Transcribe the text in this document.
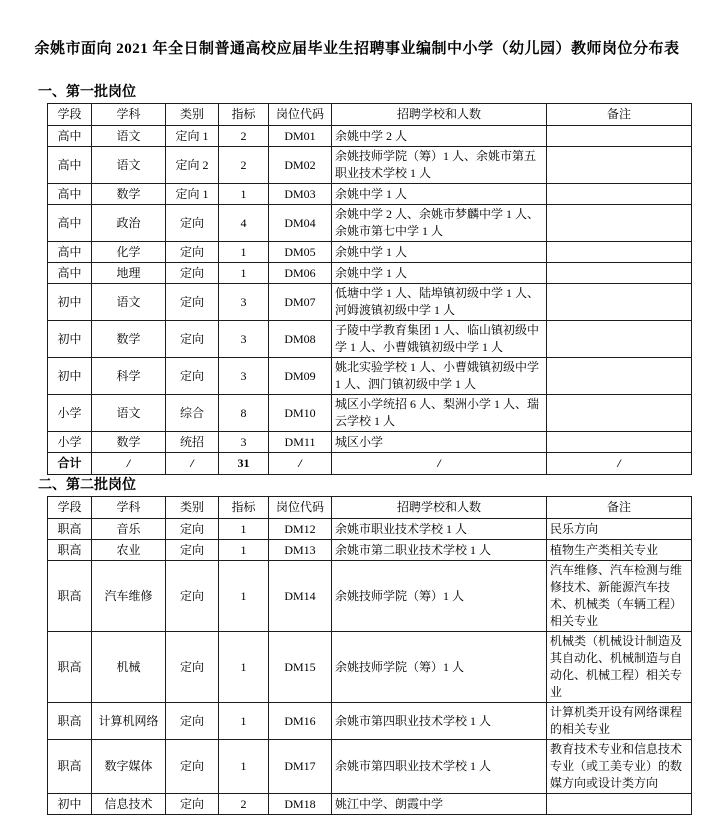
余姚市面向 2021 年全日制普通高校应届毕业生招聘事业编制中小学（幼儿园）教师岗位分布表
一、第一批岗位
学段	学科	类别	指标	岗位代码	招聘学校和人数	备注
高中	语文	定向 1	2	DM01	余姚中学 2 人	
高中	语文	定向 2	2	DM02	余姚技师学院（筹）1 人、余姚市第五职业技术学校 1 人	
高中	数学	定向 1	1	DM03	余姚中学 1 人	
高中	政治	定向	4	DM04	余姚中学 2 人、余姚市梦麟中学 1 人、余姚市第七中学 1 人	
高中	化学	定向	1	DM05	余姚中学 1 人	
高中	地理	定向	1	DM06	余姚中学 1 人	
初中	语文	定向	3	DM07	低塘中学 1 人、陆埠镇初级中学 1 人、河姆渡镇初级中学 1 人	
初中	数学	定向	3	DM08	子陵中学教育集团 1 人、临山镇初级中学 1 人、小曹娥镇初级中学 1 人	
初中	科学	定向	3	DM09	姚北实验学校 1 人、小曹娥镇初级中学 1 人、泗门镇初级中学 1 人	
小学	语文	综合	8	DM10	城区小学统招 6 人、梨洲小学 1 人、瑞云学校 1 人	
小学	数学	统招	3	DM11	城区小学	
合计	/	/	31	/	/	/
二、第二批岗位
学段	学科	类别	指标	岗位代码	招聘学校和人数	备注
职高	音乐	定向	1	DM12	余姚市职业技术学校 1 人	民乐方向
职高	农业	定向	1	DM13	余姚市第二职业技术学校 1 人	植物生产类相关专业
职高	汽车维修	定向	1	DM14	余姚技师学院（筹）1 人	汽车维修、汽车检测与维修技术、新能源汽车技术、机械类（车辆工程）相关专业
职高	机械	定向	1	DM15	余姚技师学院（筹）1 人	机械类（机械设计制造及其自动化、机械制造与自动化、机械工程）相关专业
职高	计算机网络	定向	1	DM16	余姚市第四职业技术学校 1 人	计算机类开设有网络课程的相关专业
职高	数字媒体	定向	1	DM17	余姚市第四职业技术学校 1 人	教育技术专业和信息技术专业（或工美专业）的数媒方向或设计类方向
初中	信息技术	定向	2	DM18	姚江中学、朗霞中学	
